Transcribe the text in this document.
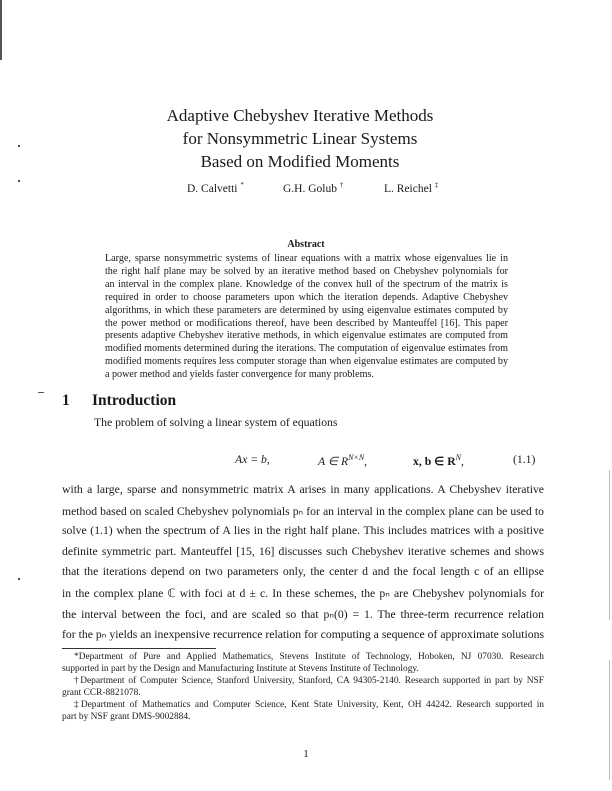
Adaptive Chebyshev Iterative Methods
for Nonsymmetric Linear Systems
Based on Modified Moments
D. Calvetti *	G.H. Golub †	L. Reichel ‡
Abstract
Large, sparse nonsymmetric systems of linear equations with a matrix whose eigenvalues lie in
the right half plane may be solved by an iterative method based on Chebyshev polynomials for
an interval in the complex plane. Knowledge of the convex hull of the spectrum of the matrix is
required in order to choose parameters upon which the iteration depends. Adaptive Chebyshev
algorithms, in which these parameters are determined by using eigenvalue estimates computed by
the power method or modifications thereof, have been described by Manteuffel [16]. This paper
presents adaptive Chebyshev iterative methods, in which eigenvalue estimates are computed from
modified moments determined during the iterations. The computation of eigenvalue estimates from
modified moments requires less computer storage than when eigenvalue estimates are computed by
a power method and yields faster convergence for many problems.
1 Introduction
The problem of solving a linear system of equations
Ax = b,	A ∈ $R^{N\times N}$,	x, b ∈ $R^N$,	(1.1)
with a large, sparse and nonsymmetric matrix A arises in many applications. A Chebyshev iterative
method based on scaled Chebyshev polynomials pₙ for an interval in the complex plane can be used to
solve (1.1) when the spectrum of A lies in the right half plane. This includes matrices with a positive
definite symmetric part. Manteuffel [15, 16] discusses such Chebyshev iterative schemes and shows
that the iterations depend on two parameters only, the center d and the focal length c of an ellipse
in the complex plane ℂ with foci at d ± c. In these schemes, the pₙ are Chebyshev polynomials for
the interval between the foci, and are scaled so that pₙ(0) = 1. The three-term recurrence relation
for the pₙ yields an inexpensive recurrence relation for computing a sequence of approximate solutions
*Department of Pure and Applied Mathematics, Stevens Institute of Technology, Hoboken, NJ 07030. Research
supported in part by the Design and Manufacturing Institute at Stevens Institute of Technology.
†Department of Computer Science, Stanford University, Stanford, CA 94305-2140. Research supported in part by NSF
grant CCR-8821078.
‡Department of Mathematics and Computer Science, Kent State University, Kent, OH 44242. Research supported in
part by NSF grant DMS-9002884.
1
